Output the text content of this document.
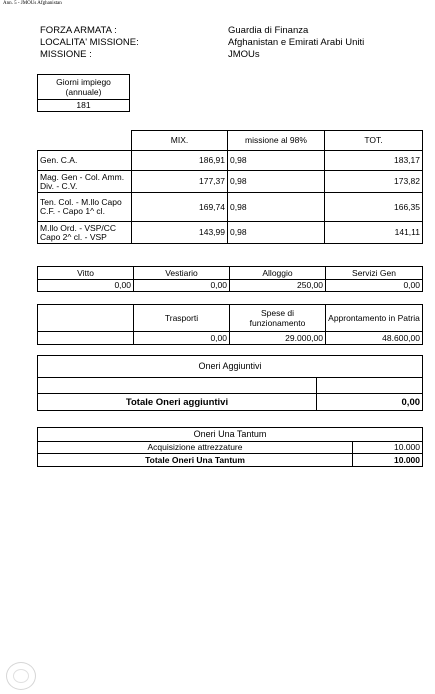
Ann. 5 - JMOUs Afghanistan
FORZA ARMATA :	Guardia di Finanza
LOCALITA' MISSIONE:	Afghanistan e Emirati Arabi Uniti
MISSIONE :	JMOUs
Giorni impiego (annuale)
181
	MIX.	missione al 98%	TOT.
Gen. C.A.	186,91	0,98	183,17
Mag. Gen - Col. Amm. Div. - C.V.	177,37	0,98	173,82
Ten. Col. - M.llo Capo C.F. - Capo 1^ cl.	169,74	0,98	166,35
M.llo Ord. - VSP/CC Capo 2^ cl. - VSP	143,99	0,98	141,11
Vitto	Vestiario	Alloggio	Servizi Gen
0,00	0,00	250,00	0,00
	Trasporti	Spese di funzionamento	Approntamento in Patria
	0,00	29.000,00	48.600,00
Oneri Aggiuntivi	

Totale Oneri aggiuntivi	0,00
Oneri Una Tantum	
Acquisizione attrezzature	10.000
Totale Oneri Una Tantum	10.000
